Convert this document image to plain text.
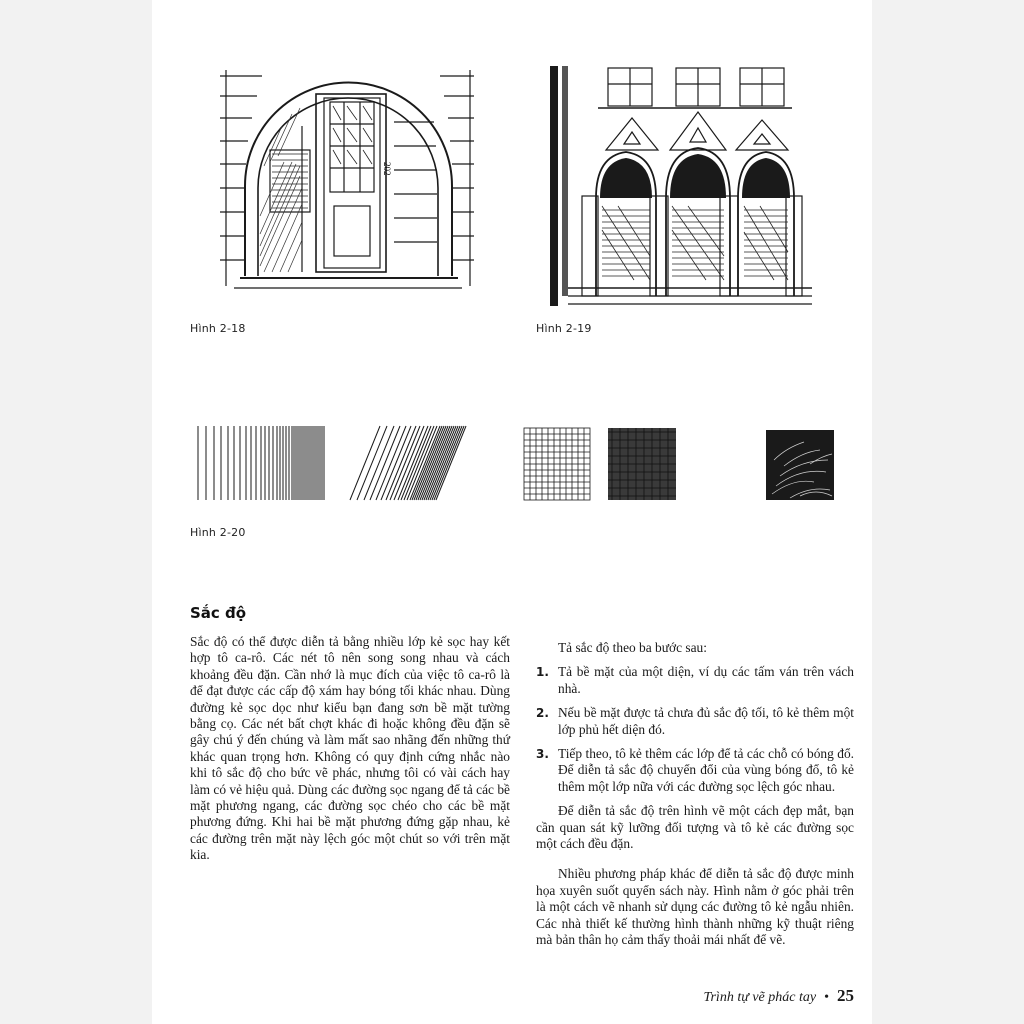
202
Hình 2-18	Hình 2-19
Hình 2-20
Sắc độ

Sắc độ có thể được diễn tả bằng nhiều lớp kẻ sọc hay kết hợp tô ca-rô. Các nét tô nên song song nhau và cách khoảng đều đặn. Cần nhớ là mục đích của việc tô ca-rô là để đạt được các cấp độ xám hay bóng tối khác nhau. Dùng đường kẻ sọc dọc như kiểu bạn đang sơn bề mặt tường bằng cọ. Các nét bất chợt khác đi hoặc không đều đặn sẽ gây chú ý đến chúng và làm mất sao nhãng đến những thứ khác quan trọng hơn. Không có quy định cứng nhắc nào khi tô sắc độ cho bức vẽ phác, nhưng tôi có vài cách hay làm có vẻ hiệu quả. Dùng các đường sọc ngang để tả các bề mặt phương ngang, các đường sọc chéo cho các bề mặt phương đứng. Khi hai bề mặt phương đứng gặp nhau, kẻ các đường trên mặt này lệch góc một chút so với trên mặt kia.

Tả sắc độ theo ba bước sau:

1. Tả bề mặt của một diện, ví dụ các tấm ván trên vách nhà.
2. Nếu bề mặt được tả chưa đủ sắc độ tối, tô kẻ thêm một lớp phủ hết diện đó.
3. Tiếp theo, tô kẻ thêm các lớp để tả các chỗ có bóng đổ. Để diễn tả sắc độ chuyển đổi của vùng bóng đổ, tô kẻ thêm một lớp nữa với các đường sọc lệch góc nhau.

Để diễn tả sắc độ trên hình vẽ một cách đẹp mắt, bạn cần quan sát kỹ lưỡng đối tượng và tô kẻ các đường sọc một cách đều đặn.

Nhiều phương pháp khác để diễn tả sắc độ được minh họa xuyên suốt quyển sách này. Hình nằm ở góc phải trên là một cách vẽ nhanh sử dụng các đường tô kẻ ngẫu nhiên. Các nhà thiết kế thường hình thành những kỹ thuật riêng mà bản thân họ cảm thấy thoải mái nhất để vẽ.

Trình tự vẽ phác tay • 25
